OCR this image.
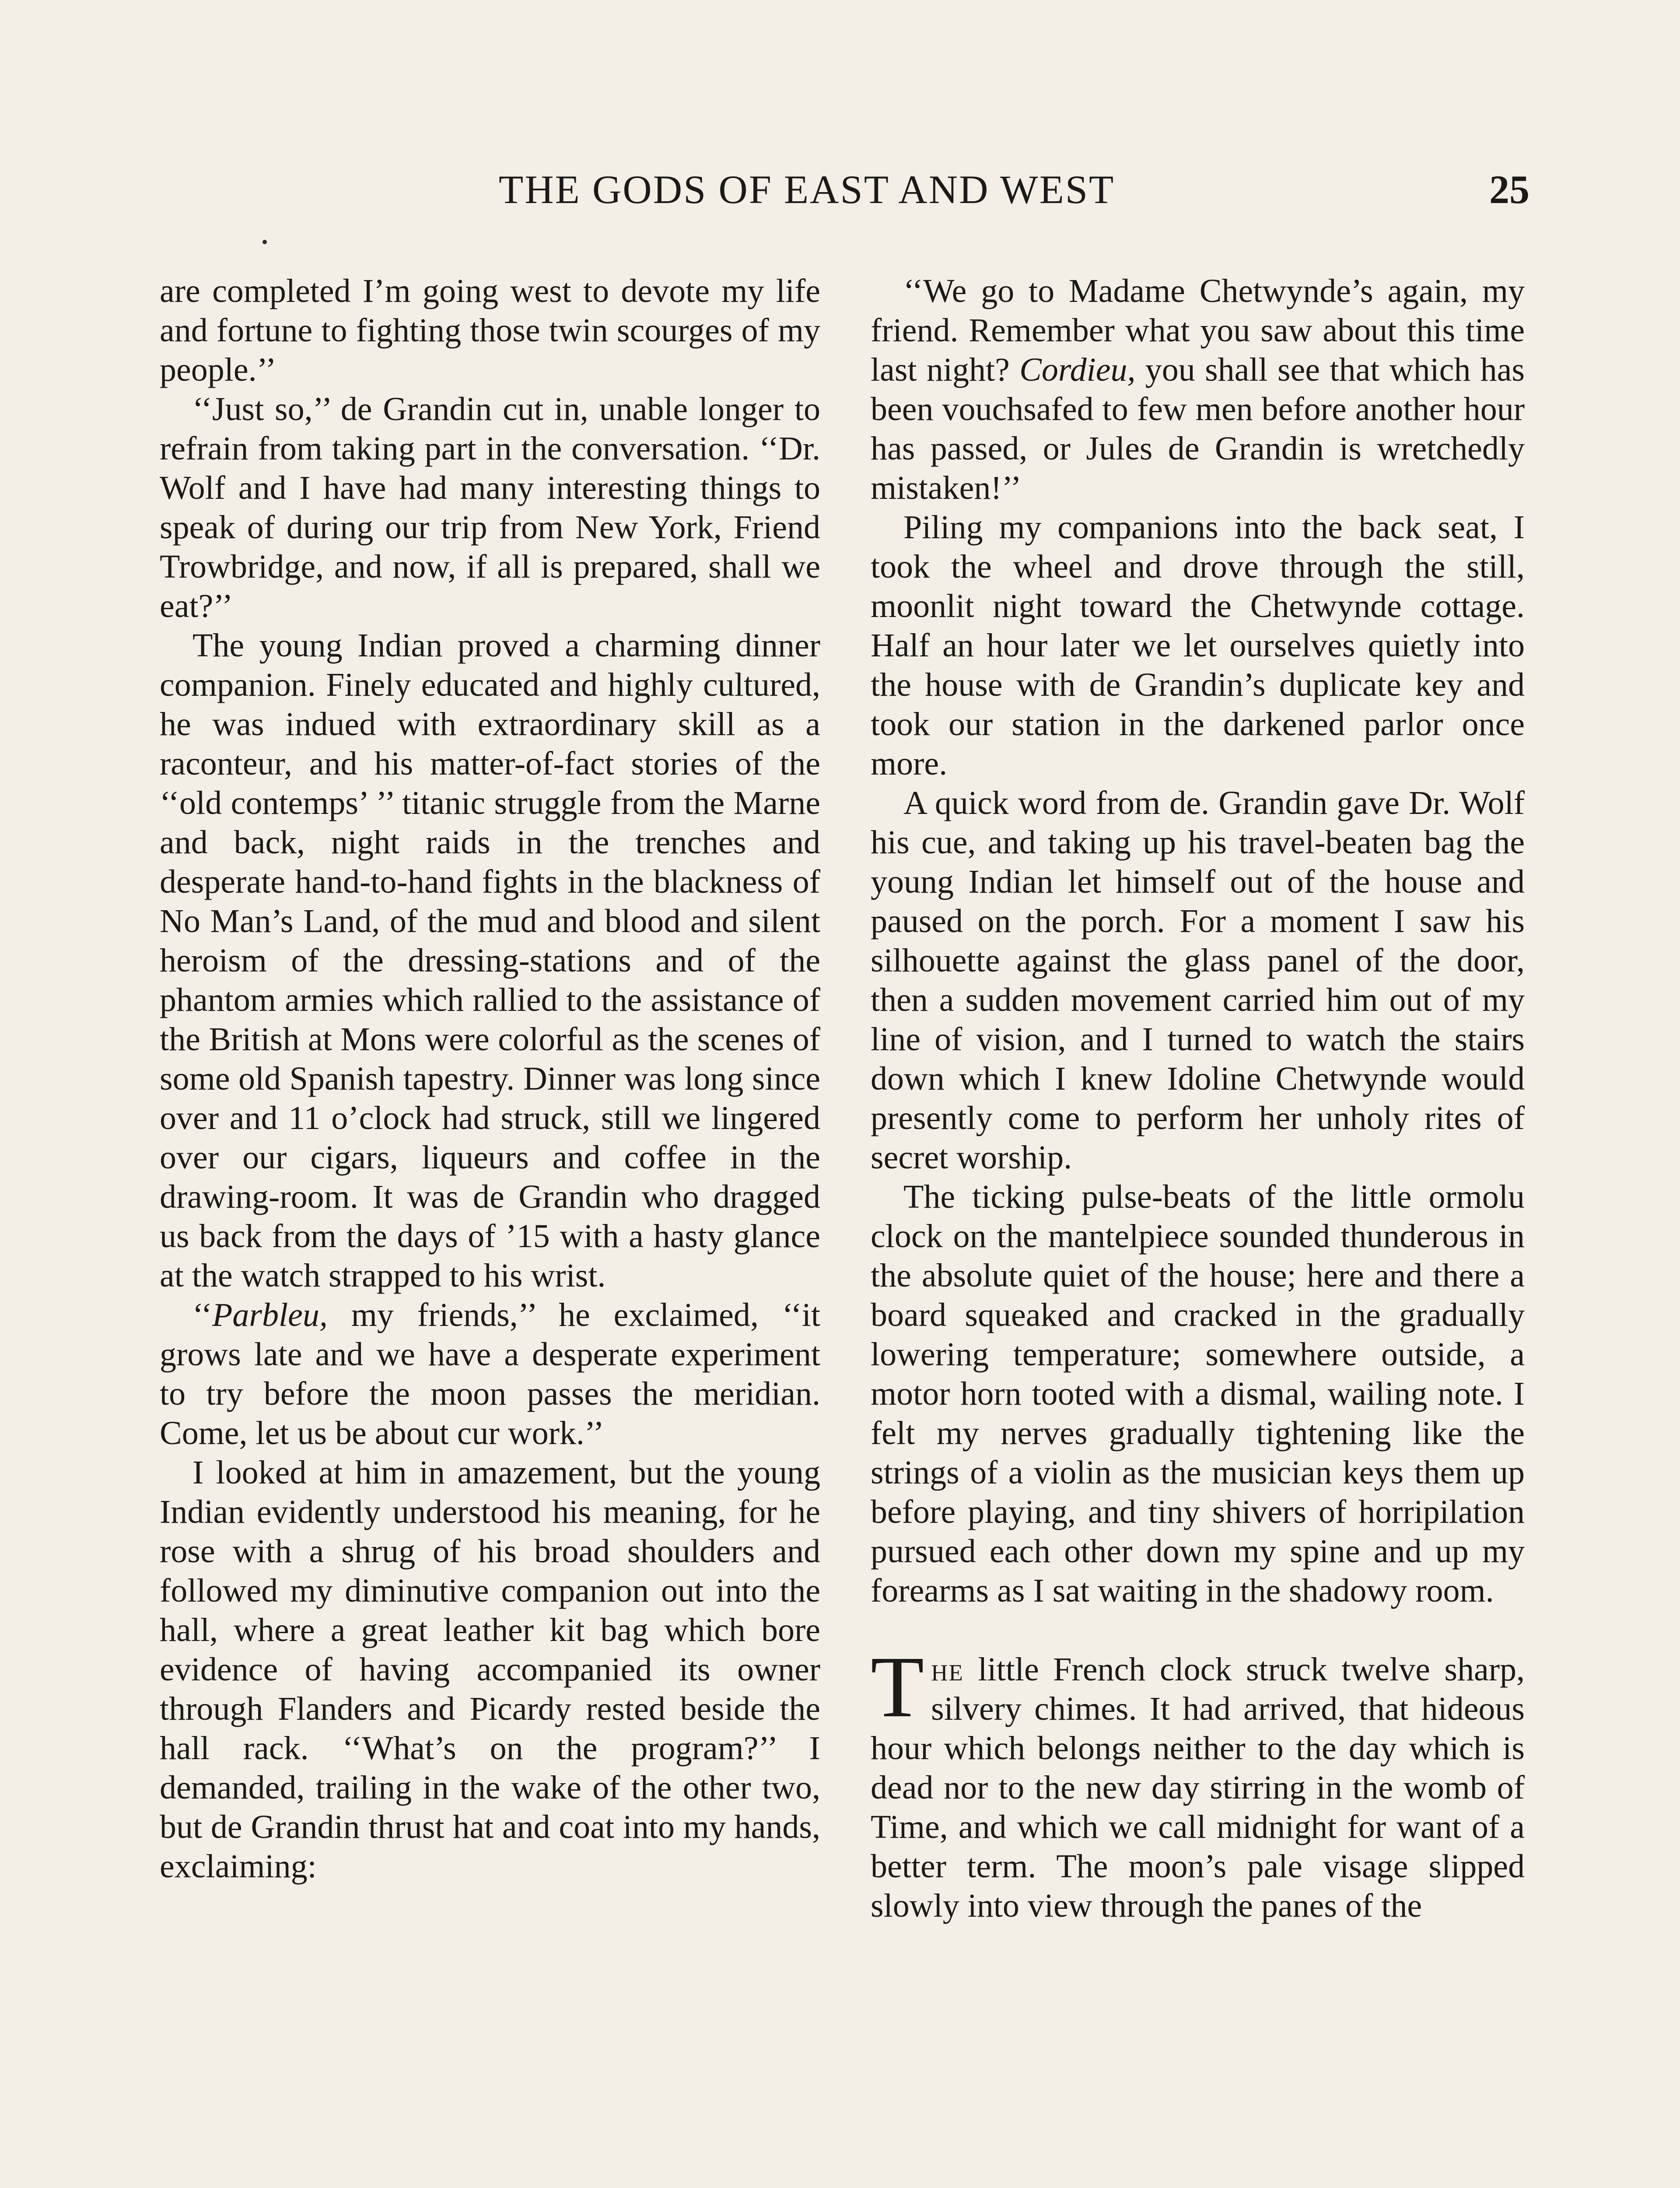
THE GODS OF EAST AND WEST	25

are completed I’m going west to devote my life and fortune to fighting those twin scourges of my people.’’

‘‘Just so,’’ de Grandin cut in, unable longer to refrain from taking part in the conversation. ‘‘Dr. Wolf and I have had many interesting things to speak of during our trip from New York, Friend Trowbridge, and now, if all is prepared, shall we eat?’’

The young Indian proved a charming dinner companion. Finely educated and highly cultured, he was indued with extraordinary skill as a raconteur, and his matter-of-fact stories of the ‘‘old contemps’ ’’ titanic struggle from the Marne and back, night raids in the trenches and desperate hand-to-hand fights in the blackness of No Man’s Land, of the mud and blood and silent heroism of the dressing-stations and of the phantom armies which rallied to the assistance of the British at Mons were colorful as the scenes of some old Spanish tapestry. Dinner was long since over and 11 o’clock had struck, still we lingered over our cigars, liqueurs and coffee in the drawing-room. It was de Grandin who dragged us back from the days of ’15 with a hasty glance at the watch strapped to his wrist.

‘‘Parbleu, my friends,’’ he exclaimed, ‘‘it grows late and we have a desperate experiment to try before the moon passes the meridian. Come, let us be about cur work.’’

I looked at him in amazement, but the young Indian evidently understood his meaning, for he rose with a shrug of his broad shoulders and followed my diminutive companion out into the hall, where a great leather kit bag which bore evidence of having accompanied its owner through Flanders and Picardy rested beside the hall rack. ‘‘What’s on the program?’’ I demanded, trailing in the wake of the other two, but de Grandin thrust hat and coat into my hands, exclaiming:

‘‘We go to Madame Chetwynde’s again, my friend. Remember what you saw about this time last night? Cordieu, you shall see that which has been vouchsafed to few men before another hour has passed, or Jules de Grandin is wretchedly mistaken!’’

Piling my companions into the back seat, I took the wheel and drove through the still, moonlit night toward the Chetwynde cottage. Half an hour later we let ourselves quietly into the house with de Grandin’s duplicate key and took our station in the darkened parlor once more.

A quick word from de. Grandin gave Dr. Wolf his cue, and taking up his travel-beaten bag the young Indian let himself out of the house and paused on the porch. For a moment I saw his silhouette against the glass panel of the door, then a sudden movement carried him out of my line of vision, and I turned to watch the stairs down which I knew Idoline Chetwynde would presently come to perform her unholy rites of secret worship.

The ticking pulse-beats of the little ormolu clock on the mantelpiece sounded thunderous in the absolute quiet of the house; here and there a board squeaked and cracked in the gradually lowering temperature; somewhere outside, a motor horn tooted with a dismal, wailing note. I felt my nerves gradually tightening like the strings of a violin as the musician keys them up before playing, and tiny shivers of horripilation pursued each other down my spine and up my forearms as I sat waiting in the shadowy room.

The little French clock struck twelve sharp, silvery chimes. It had arrived, that hideous hour which belongs neither to the day which is dead nor to the new day stirring in the womb of Time, and which we call midnight for want of a better term. The moon’s pale visage slipped slowly into view through the panes of the
